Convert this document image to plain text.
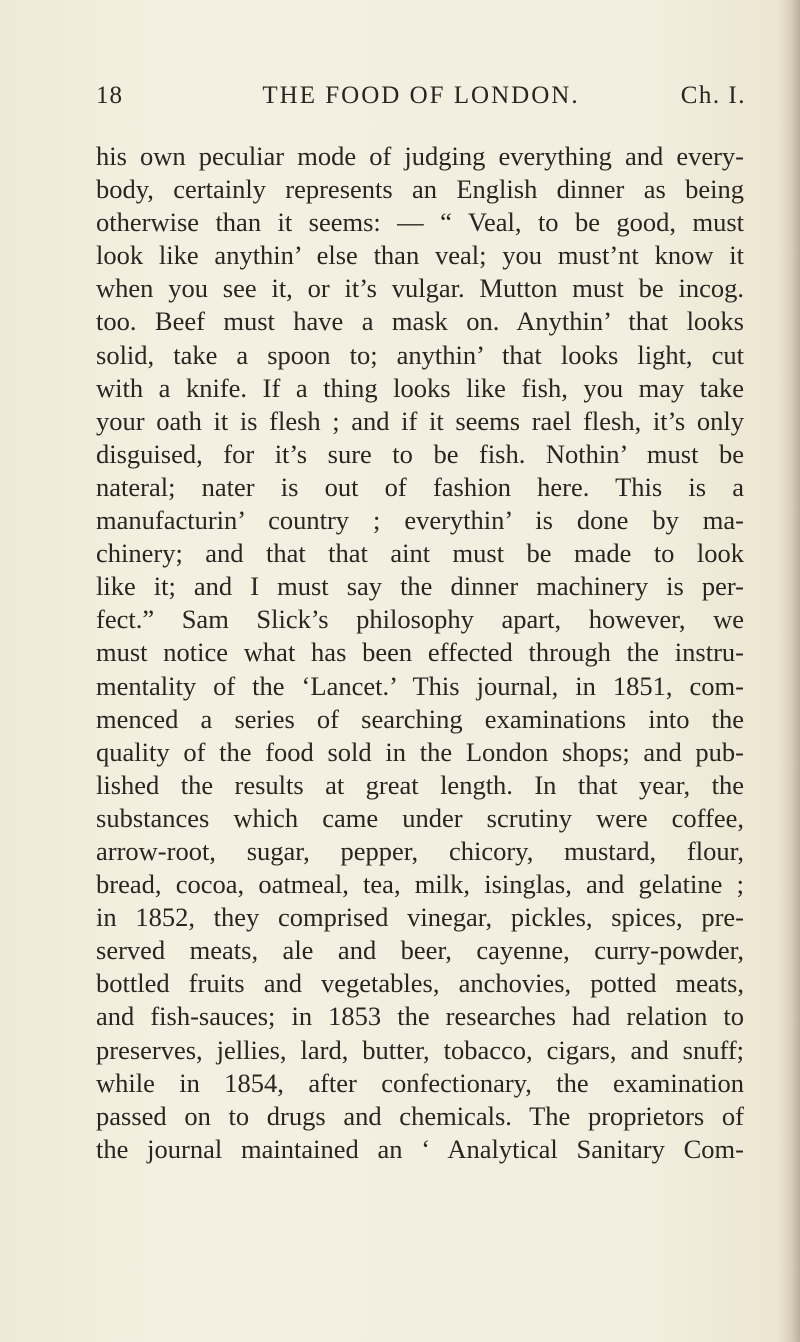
18	THE FOOD OF LONDON.	Ch. I.
his own peculiar mode of judging everything and every-
body, certainly represents an English dinner as being
otherwise than it seems: — “ Veal, to be good, must
look like anythin’ else than veal; you must’nt know it
when you see it, or it’s vulgar. Mutton must be incog.
too. Beef must have a mask on. Anythin’ that looks
solid, take a spoon to; anythin’ that looks light, cut
with a knife. If a thing looks like fish, you may take
your oath it is flesh ; and if it seems rael flesh, it’s only
disguised, for it’s sure to be fish. Nothin’ must be
nateral; nater is out of fashion here. This is a
manufacturin’ country ; everythin’ is done by ma-
chinery; and that that aint must be made to look
like it; and I must say the dinner machinery is per-
fect.” Sam Slick’s philosophy apart, however, we
must notice what has been effected through the instru-
mentality of the ‘Lancet.’ This journal, in 1851, com-
menced a series of searching examinations into the
quality of the food sold in the London shops; and pub-
lished the results at great length. In that year, the
substances which came under scrutiny were coffee,
arrow-root, sugar, pepper, chicory, mustard, flour,
bread, cocoa, oatmeal, tea, milk, isinglas, and gelatine ;
in 1852, they comprised vinegar, pickles, spices, pre-
served meats, ale and beer, cayenne, curry-powder,
bottled fruits and vegetables, anchovies, potted meats,
and fish-sauces; in 1853 the researches had relation to
preserves, jellies, lard, butter, tobacco, cigars, and snuff;
while in 1854, after confectionary, the examination
passed on to drugs and chemicals. The proprietors of
the journal maintained an ‘ Analytical Sanitary Com-
